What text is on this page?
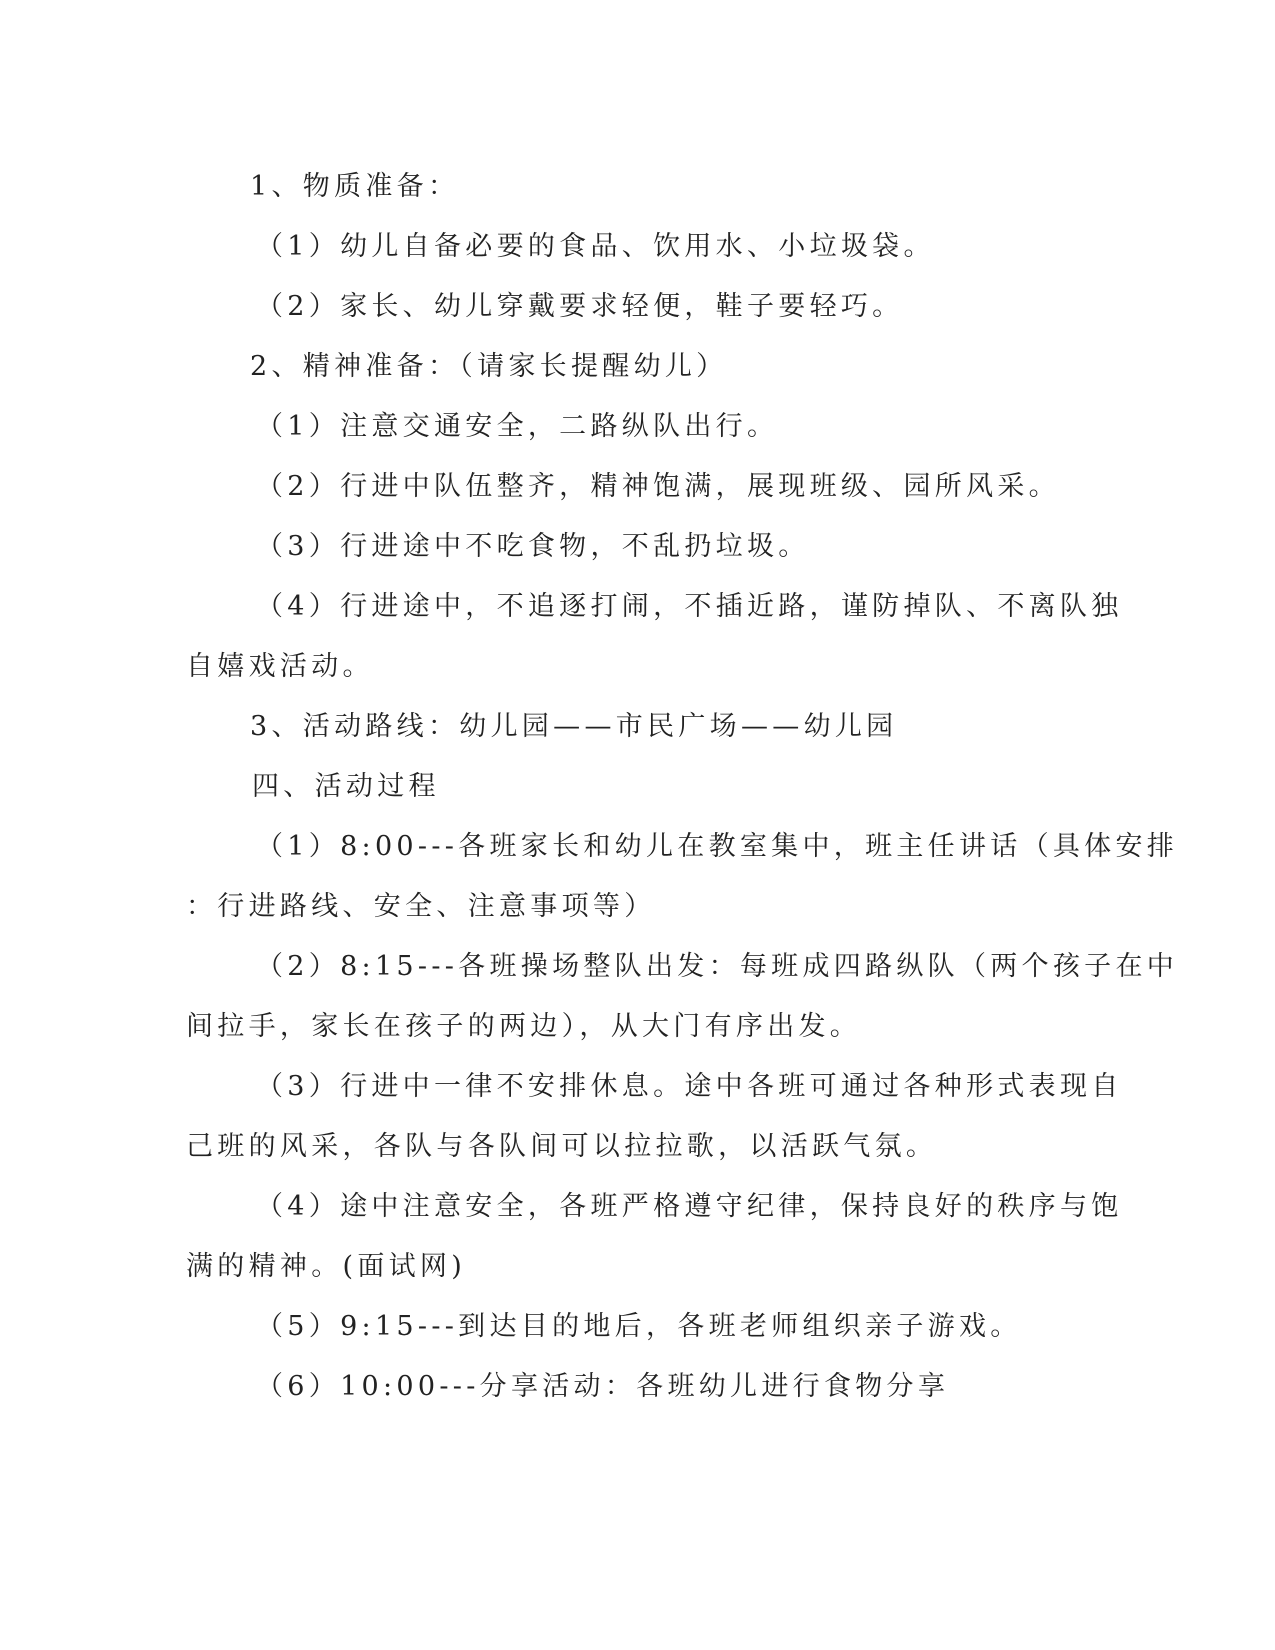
1、物质准备：

（1）幼儿自备必要的食品、饮用水、小垃圾袋。

（2）家长、幼儿穿戴要求轻便，鞋子要轻巧。

2、精神准备：（请家长提醒幼儿）

（1）注意交通安全，二路纵队出行。

（2）行进中队伍整齐，精神饱满，展现班级、园所风采。

（3）行进途中不吃食物，不乱扔垃圾。

（4）行进途中，不追逐打闹，不插近路，谨防掉队、不离队独

自嬉戏活动。

3、活动路线：幼儿园——市民广场——幼儿园

四、活动过程

（1）8:00---各班家长和幼儿在教室集中，班主任讲话（具体安排

：行进路线、安全、注意事项等）

（2）8:15---各班操场整队出发：每班成四路纵队（两个孩子在中

间拉手，家长在孩子的两边），从大门有序出发。

（3）行进中一律不安排休息。途中各班可通过各种形式表现自

己班的风采，各队与各队间可以拉拉歌，以活跃气氛。

（4）途中注意安全，各班严格遵守纪律，保持良好的秩序与饱

满的精神。(面试网)

（5）9:15---到达目的地后，各班老师组织亲子游戏。

（6）10:00---分享活动：各班幼儿进行食物分享
